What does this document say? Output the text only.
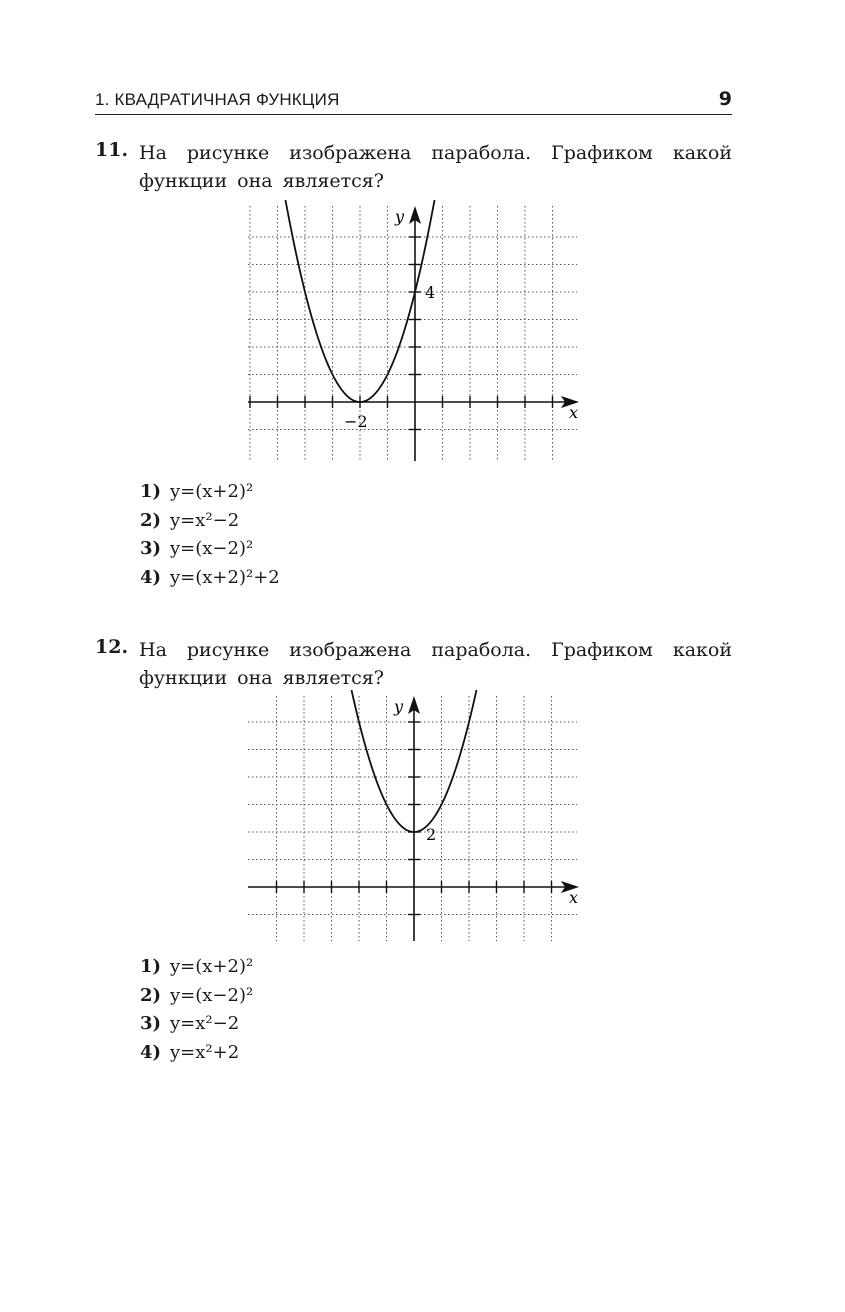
1. КВАДРАТИЧНАЯ ФУНКЦИЯ	9
11. На рисунке изображена парабола. Графиком какой функции она является?
x
y
4
−2
1) y=(x+2)²
2) y=x²−2
3) y=(x−2)²
4) y=(x+2)²+2
12. На рисунке изображена парабола. Графиком какой функции она является?
x
y
2
1) y=(x+2)²
2) y=(x−2)²
3) y=x²−2
4) y=x²+2
